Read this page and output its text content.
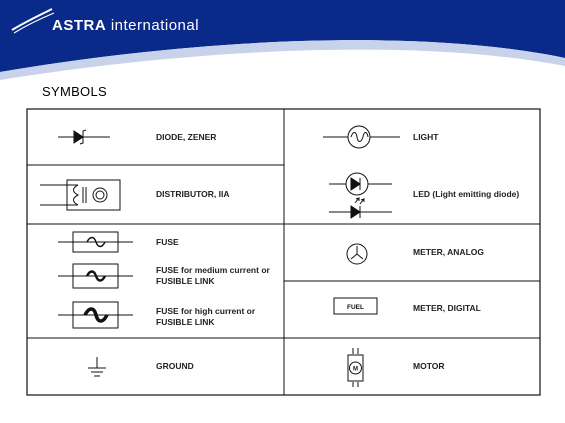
ASTRA international
SYMBOLS
FUEL
M
DIODE, ZENER
DISTRIBUTOR, IIA
FUSE
FUSE for medium current or FUSIBLE LINK
FUSE for high current or FUSIBLE LINK
GROUND
LIGHT
LED (Light emitting diode)
METER, ANALOG
METER, DIGITAL
MOTOR
